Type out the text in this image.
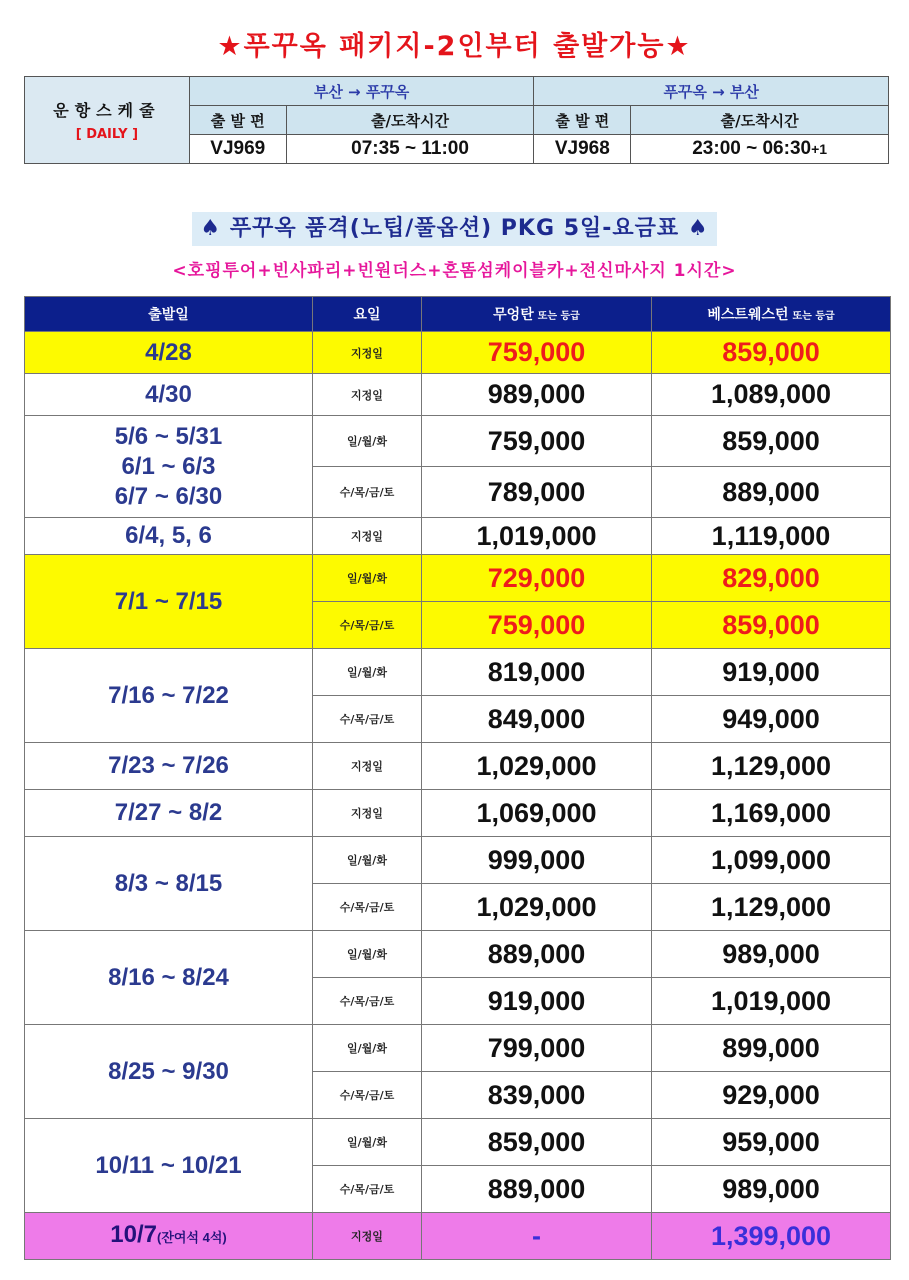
★푸꾸옥 패키지-2인부터 출발가능★
운항스케줄
[ DAILY ]	부산 → 푸꾸옥		푸꾸옥 → 부산	
	출 발 편	출/도착시간	출 발 편	출/도착시간
	VJ969	07:35 ~ 11:00	VJ968	23:00 ~ 06:30+1
♠ 푸꾸옥 품격(노팁/풀옵션) PKG 5일-요금표 ♠
<호핑투어+빈사파리+빈원더스+혼똠섬케이블카+전신마사지 1시간>
출발일	요일	무엉탄 또는 등급	베스트웨스턴 또는 등급
4/28	지정일	759,000	859,000
4/30	지정일	989,000	1,089,000
5/6 ~ 5/31
6/1 ~ 6/3
6/7 ~ 6/30	일/월/화	759,000	859,000
	수/목/금/토	789,000	889,000
6/4, 5, 6	지정일	1,019,000	1,119,000
7/1 ~ 7/15	일/월/화	729,000	829,000
	수/목/금/토	759,000	859,000
7/16 ~ 7/22	일/월/화	819,000	919,000
	수/목/금/토	849,000	949,000
7/23 ~ 7/26	지정일	1,029,000	1,129,000
7/27 ~ 8/2	지정일	1,069,000	1,169,000
8/3 ~ 8/15	일/월/화	999,000	1,099,000
	수/목/금/토	1,029,000	1,129,000
8/16 ~ 8/24	일/월/화	889,000	989,000
	수/목/금/토	919,000	1,019,000
8/25 ~ 9/30	일/월/화	799,000	899,000
	수/목/금/토	839,000	929,000
10/11 ~ 10/21	일/월/화	859,000	959,000
	수/목/금/토	889,000	989,000
10/7(잔여석 4석)	지정일	-	1,399,000
